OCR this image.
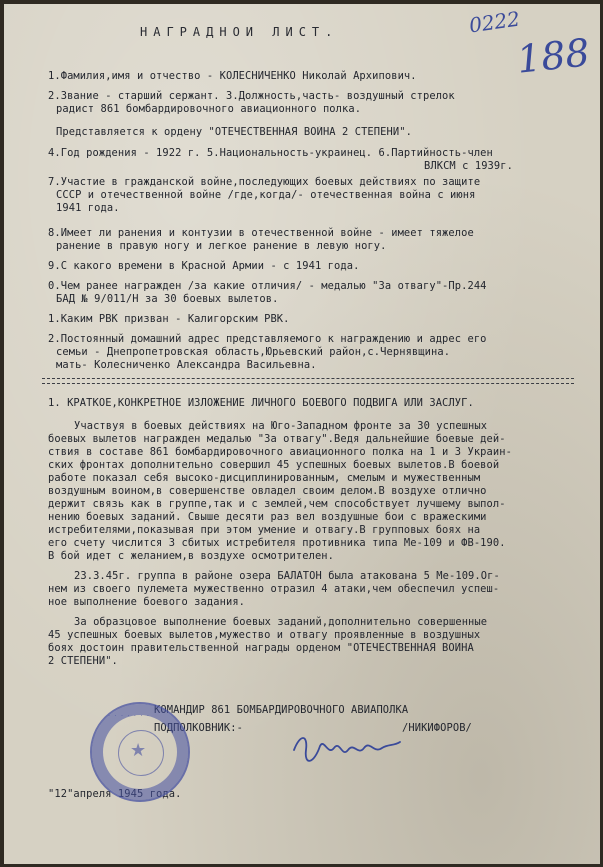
НАГРАДНОЙ ЛИСТ.	0222
188
1.Фамилия,имя и отчество - КОЛЕСНИЧЕНКО Николай Архипович.
2.Звание - старший сержант. 3.Должность,часть- воздушный стрелок
радист 861 бомбардировочного авиационного полка.
Представляется к ордену "ОТЕЧЕСТВЕННАЯ ВОЙНА 2 СТЕПЕНИ".
4.Год рождения - 1922 г. 5.Национальность-украинец. 6.Партийность-член
ВЛКСМ с 1939г.
7.Участие в гражданской войне,последующих боевых действиях по защите
СССР и отечественной войне /где,когда/- отечественная война с июня
1941 года.
8.Имеет ли ранения и контузии в отечественной войне - имеет тяжелое
ранение в правую ногу и легкое ранение в левую ногу.
9.С какого времени в Красной Армии - с 1941 года.
0.Чем ранее награжден /за какие отличия/ - медалью "За отвагу"-Пр.244
БАД № 9/011/Н за 30 боевых вылетов.
1.Каким РВК призван - Калигорским РВК.
2.Постоянный домашний адрес представляемого к награждению и адрес его
семьи - Днепропетровская область,Юрьевский район,с.Чернявщина.
мать- Колесниченко Александра Васильевна.
1. КРАТКОЕ,КОНКРЕТНОЕ ИЗЛОЖЕНИЕ ЛИЧНОГО БОЕВОГО ПОДВИГА ИЛИ ЗАСЛУГ.
Участвуя в боевых действиях на Юго-Западном фронте за 30 успешных
боевых вылетов награжден медалью "За отвагу".Ведя дальнейшие боевые дей-
ствия в составе 861 бомбардировочного авиационного полка на 1 и 3 Украин-
ских фронтах дополнительно совершил 45 успешных боевых вылетов.В боевой
работе показал себя высоко-дисциплинированным, смелым и мужественным
воздушным воином,в совершенстве овладел своим делом.В воздухе отлично
держит связь как в группе,так и с землей,чем способствует лучшему выпол-
нению боевых заданий. Свыше десяти раз вел воздушные бои с вражескими
истребителями,показывая при этом умение и отвагу.В групповых боях на
его счету числится 3 сбитых истребителя противника типа Ме-109 и ФВ-190.
В бой идет с желанием,в воздухе осмотрителен.
23.3.45г. группа в районе озера БАЛАТОН была атакована 5 Ме-109.Ог-
нем из своего пулемета мужественно отразил 4 атаки,чем обеспечил успеш-
ное выполнение боевого задания.
За образцовое выполнение боевых заданий,дополнительно совершенные
45 успешных боевых вылетов,мужество и отвагу проявленные в воздушных
боях достоин правительственной награды орденом "ОТЕЧЕСТВЕННАЯ ВОЙНА
2 СТЕПЕНИ".
КОМАНДИР 861 БОМБАРДИРОВОЧНОГО АВИАПОЛКА
ПОДПОЛКОВНИК:-	/НИКИФОРОВ/
"12"апреля 1945 года.
· · · · · · ·
★
